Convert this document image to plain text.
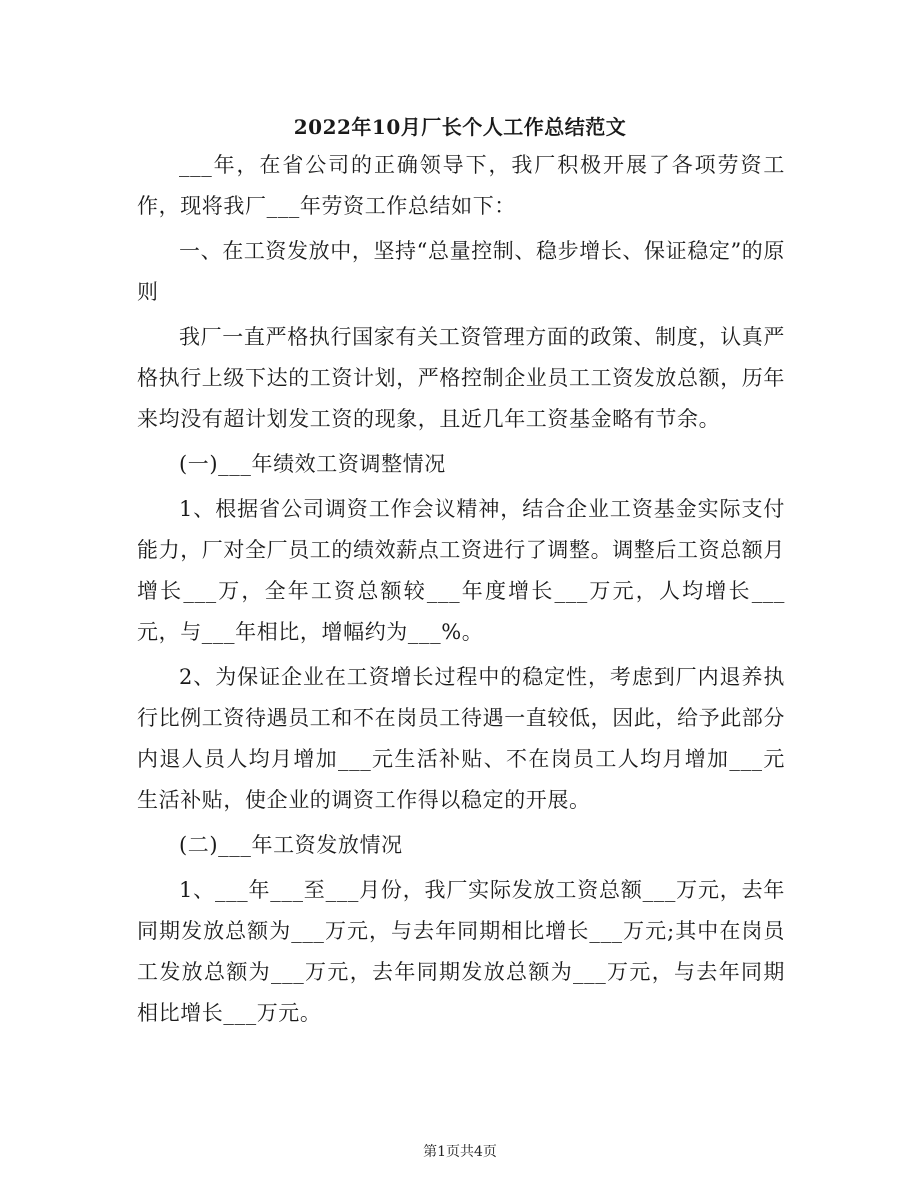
2022年10月厂长个人工作总结范文

___年，在省公司的正确领导下，我厂积极开展了各项劳资工作，现将我厂___年劳资工作总结如下：

一、在工资发放中，坚持“总量控制、稳步增长、保证稳定”的原则

我厂一直严格执行国家有关工资管理方面的政策、制度，认真严格执行上级下达的工资计划，严格控制企业员工工资发放总额，历年来均没有超计划发工资的现象，且近几年工资基金略有节余。

(一)___年绩效工资调整情况

1、根据省公司调资工作会议精神，结合企业工资基金实际支付能力，厂对全厂员工的绩效薪点工资进行了调整。调整后工资总额月增长___万，全年工资总额较___年度增长___万元，人均增长___元，与___年相比，增幅约为___%。

2、为保证企业在工资增长过程中的稳定性，考虑到厂内退养执行比例工资待遇员工和不在岗员工待遇一直较低，因此，给予此部分内退人员人均月增加___元生活补贴、不在岗员工人均月增加___元生活补贴，使企业的调资工作得以稳定的开展。

(二)___年工资发放情况

1、___年___至___月份，我厂实际发放工资总额___万元，去年同期发放总额为___万元，与去年同期相比增长___万元;其中在岗员工发放总额为___万元，去年同期发放总额为___万元，与去年同期相比增长___万元。

第1页共4页
